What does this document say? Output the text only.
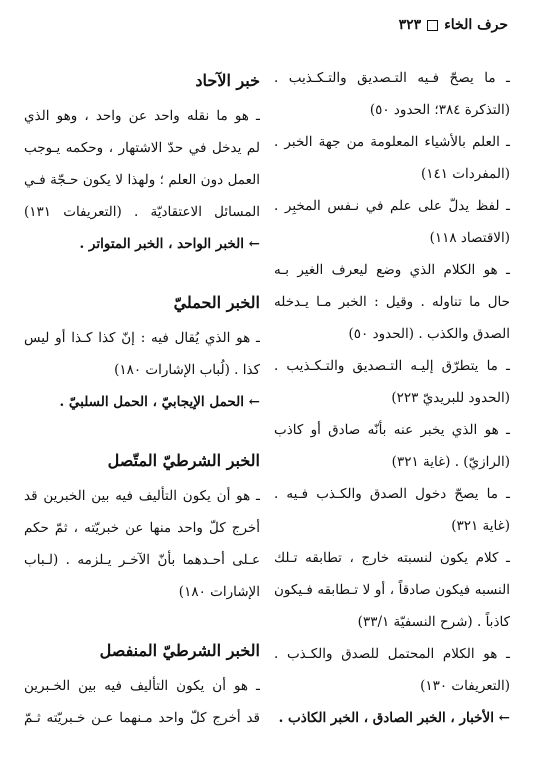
حرف الخاء
٣٢٣
ـ ما يصحّ فـيه التـصديق والتـكـذيب .
(التذكرة ٣٨٤؛ الحدود ٥٠)
ـ العلم بالأشياء المعلومة من جهة الخبر .
(المفردات ١٤١)
ـ لفظ يدلّ على علم في نـفس المخبِر .
(الاقتصاد ١١٨)
ـ هو الكلام الذي وضع ليعرف الغير بـه
حال ما تناوله . وقيل : الخبر مـا يـدخله
الصدق والكذب . (الحدود ٥٠)
ـ ما يتطرّق إليـه التـصديق والتـكـذيب .
(الحدود للبريديّ ٢٢٣)
ـ هو الذي يخبر عنه بأنّه صادق أو كاذب
(الرازيّ) . (غاية ٣٢١)
ـ ما يصحّ دخول الصدق والكـذب فـيه .
(غاية ٣٢١)
ـ كلام يكون لنسبته خارج ، تطابقه تـلك
النسبه فيكون صادقاً ، أو لا تـطابقه فـيكون
كاذباً . (شرح النسفيّة ٣٣/١)
ـ هو الكلام المحتمل للصدق والكـذب .
(التعريفات ١٣٠)
← الأخبار ، الخبر الصادق ، الخبر الكاذب .
خبر الآحاد
ـ هو ما نقله واحد عن واحد ، وهو الذي
لم يدخل في حدّ الاشتهار ، وحكمه يـوجب
العمل دون العلم ؛ ولهذا لا يكون حـجّة فـي
المسائل الاعتقاديّة . (التعريفات ١٣١)
← الخبر الواحد ، الخبر المتواتر .
الخبر الحمليّ
ـ هو الذي يُقال فيه : إنّ كذا كـذا أو ليس
كذا . (لُباب الإشارات ١٨٠)
← الحمل الإيجابيّ ، الحمل السلبيّ .
الخبر الشرطيّ المتّصل
ـ هو أن يكون التأليف فيه بين الخبرين قد
أخرج كلّ واحد منها عن خبريّته ، ثمّ حكم
عـلى أحـدهما بأنّ الآخـر يـلزمه . (لـباب
الإشارات ١٨٠)
الخبر الشرطيّ المنفصل
ـ هو أن يكون التأليف فيه بين الخـبرين
قد أخرج كلّ واحد مـنهما عـن خـبريّته ثـمّ
